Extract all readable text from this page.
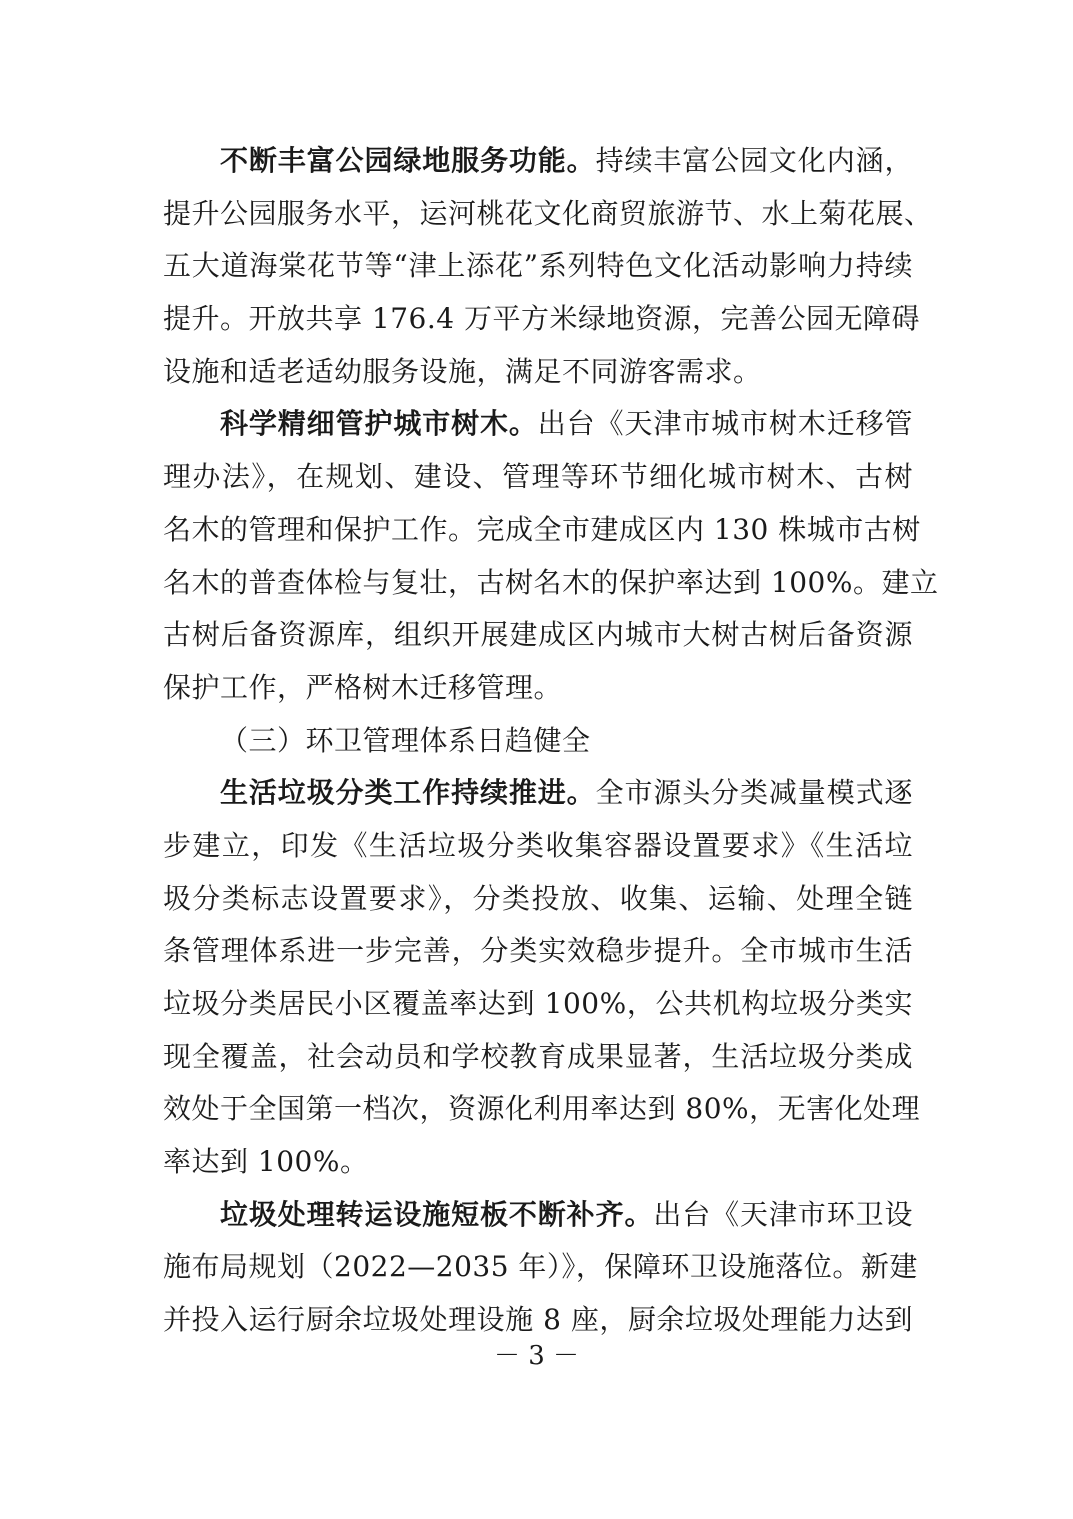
不断丰富公园绿地服务功能。持续丰富公园文化内涵，
提升公园服务水平，运河桃花文化商贸旅游节、水上菊花展、
五大道海棠花节等“津上添花”系列特色文化活动影响力持续
提升。开放共享 176.4 万平方米绿地资源，完善公园无障碍
设施和适老适幼服务设施，满足不同游客需求。
科学精细管护城市树木。出台《天津市城市树木迁移管
理办法》，在规划、建设、管理等环节细化城市树木、古树
名木的管理和保护工作。完成全市建成区内 130 株城市古树
名木的普查体检与复壮，古树名木的保护率达到 100%。建立
古树后备资源库，组织开展建成区内城市大树古树后备资源
保护工作，严格树木迁移管理。
（三）环卫管理体系日趋健全
生活垃圾分类工作持续推进。全市源头分类减量模式逐
步建立，印发《生活垃圾分类收集容器设置要求》《生活垃
圾分类标志设置要求》，分类投放、收集、运输、处理全链
条管理体系进一步完善，分类实效稳步提升。全市城市生活
垃圾分类居民小区覆盖率达到 100%，公共机构垃圾分类实
现全覆盖，社会动员和学校教育成果显著，生活垃圾分类成
效处于全国第一档次，资源化利用率达到 80%，无害化处理
率达到 100%。
垃圾处理转运设施短板不断补齐。出台《天津市环卫设
施布局规划（2022—2035 年）》，保障环卫设施落位。新建
并投入运行厨余垃圾处理设施 8 座，厨余垃圾处理能力达到
－ 3 －
